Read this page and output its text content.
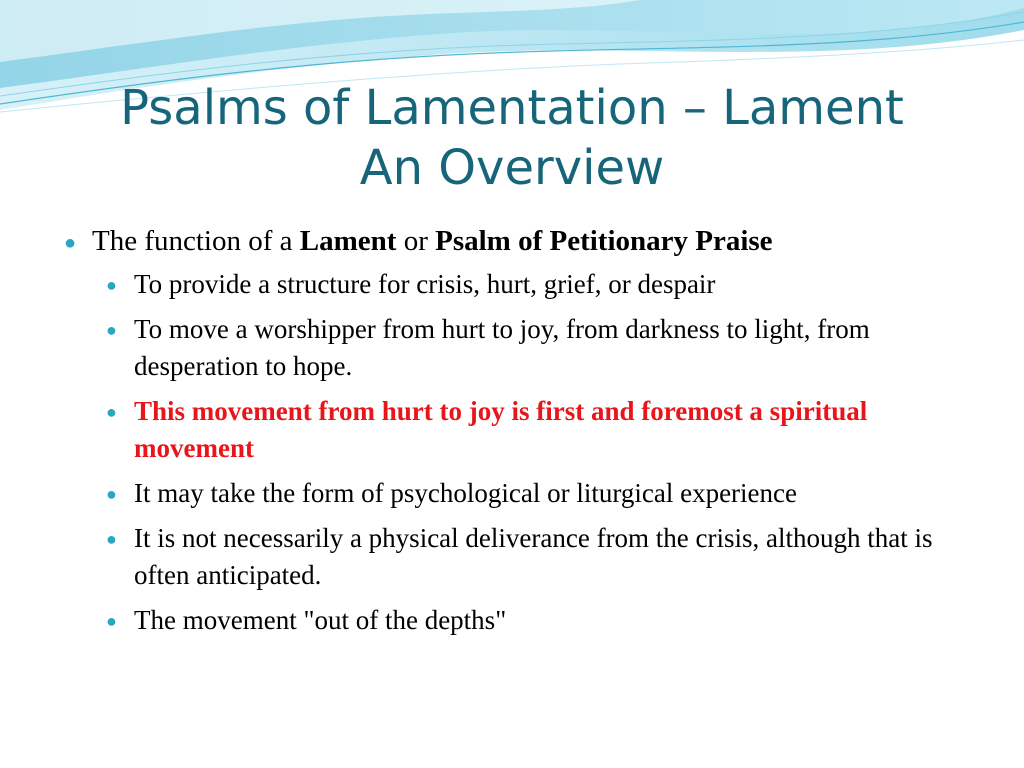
Psalms of Lamentation – Lament
An Overview
● The function of a Lament or Psalm of Petitionary Praise
● To provide a structure for crisis, hurt, grief, or despair
● To move a worshipper from hurt to joy, from darkness to light, from desperation to hope.
● This movement from hurt to joy is first and foremost a spiritual movement
● It may take the form of psychological or liturgical experience
● It is not necessarily a physical deliverance from the crisis, although that is often anticipated.
● The movement "out of the depths"
